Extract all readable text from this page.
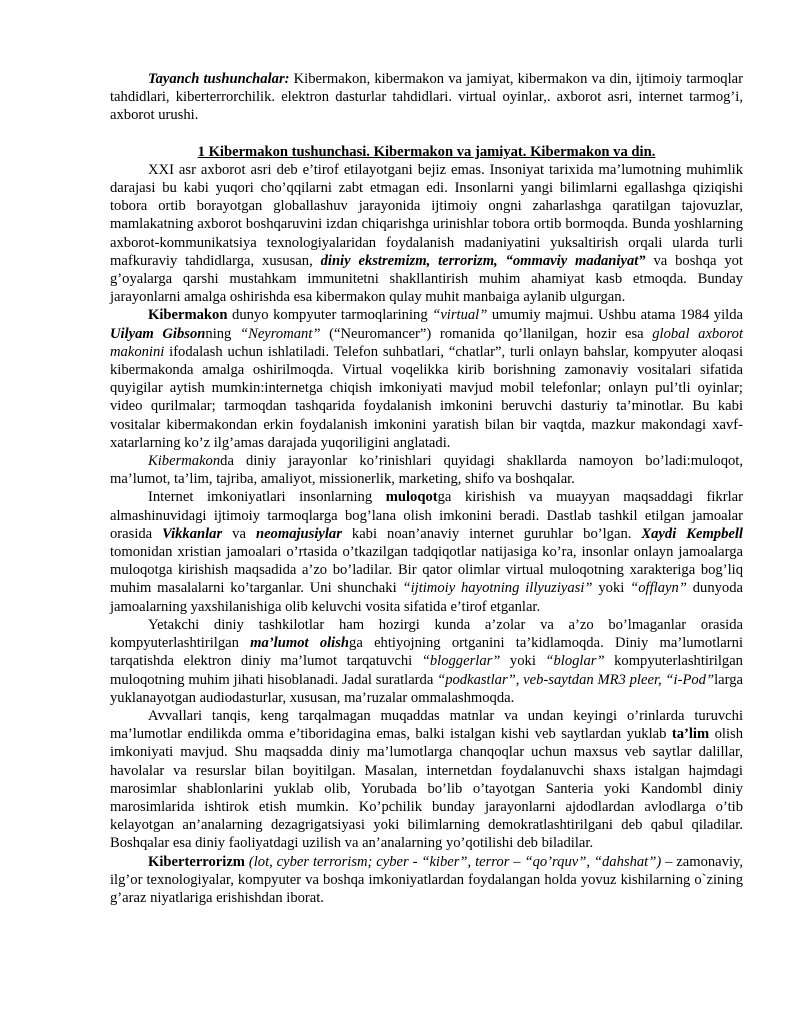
Tayanch tushunchalar: Kibermakon, kibermakon va jamiyat, kibermakon va din, ijtimoiy tarmoqlar tahdidlari, kiberterrorchilik. elektron dasturlar tahdidlari. virtual oyinlar,. axborot asri, internet tarmog’i, axborot urushi.

1 Kibermakon tushunchasi. Kibermakon va jamiyat. Kibermakon va din.

XXI asr axborot asri deb e’tirof etilayotgani bejiz emas. Insoniyat tarixida ma’lumotning muhimlik darajasi bu kabi yuqori cho’qqilarni zabt etmagan edi. Insonlarni yangi bilimlarni egallashga qiziqishi tobora ortib borayotgan globallashuv jarayonida ijtimoiy ongni zaharlashga qaratilgan tajovuzlar, mamlakatning axborot boshqaruvini izdan chiqarishga urinishlar tobora ortib bormoqda. Bunda yoshlarning axborot-kommunikatsiya texnologiyalaridan foydalanish madaniyatini yuksaltirish orqali ularda turli mafkuraviy tahdidlarga, xususan, diniy ekstremizm, terrorizm, “ommaviy madaniyat” va boshqa yot g’oyalarga qarshi mustahkam immunitetni shakllantirish muhim ahamiyat kasb etmoqda. Bunday jarayonlarni amalga oshirishda esa kibermakon qulay muhit manbaiga aylanib ulgurgan.

Kibermakon dunyo kompyuter tarmoqlarining “virtual” umumiy majmui. Ushbu atama 1984 yilda Uilyam Gibsonning “Neyromant” (“Neuromancer”) romanida qo’llanilgan, hozir esa global axborot makonini ifodalash uchun ishlatiladi. Telefon suhbatlari, “chatlar”, turli onlayn bahslar, kompyuter aloqasi kibermakonda amalga oshirilmoqda. Virtual voqelikka kirib borishning zamonaviy vositalari sifatida quyigilar aytish mumkin:internetga chiqish imkoniyati mavjud mobil telefonlar; onlayn pul’tli oyinlar; video qurilmalar; tarmoqdan tashqarida foydalanish imkonini beruvchi dasturiy ta’minotlar. Bu kabi vositalar kibermakondan erkin foydalanish imkonini yaratish bilan bir vaqtda, mazkur makondagi xavf-xatarlarning ko’z ilg’amas darajada yuqoriligini anglatadi.

Kibermakonda diniy jarayonlar ko’rinishlari quyidagi shakllarda namoyon bo’ladi:muloqot, ma’lumot, ta’lim, tajriba, amaliyot, missionerlik, marketing, shifo va boshqalar.

Internet imkoniyatlari insonlarning muloqotga kirishish va muayyan maqsaddagi fikrlar almashinuvidagi ijtimoiy tarmoqlarga bog’lana olish imkonini beradi. Dastlab tashkil etilgan jamoalar orasida Vikkanlar va neomajusiylar kabi noan’anaviy internet guruhlar bo’lgan. Xaydi Kempbell tomonidan xristian jamoalari o’rtasida o’tkazilgan tadqiqotlar natijasiga ko’ra, insonlar onlayn jamoalarga muloqotga kirishish maqsadida a’zo bo’ladilar. Bir qator olimlar virtual muloqotning xarakteriga bog’liq muhim masalalarni ko’targanlar. Uni shunchaki “ijtimoiy hayotning illyuziyasi” yoki “offlayn” dunyoda jamoalarning yaxshilanishiga olib keluvchi vosita sifatida e’tirof etganlar.

Yetakchi diniy tashkilotlar ham hozirgi kunda a’zolar va a’zo bo’lmaganlar orasida kompyuterlashtirilgan ma’lumot olishga ehtiyojning ortganini ta’kidlamoqda. Diniy ma’lumotlarni tarqatishda elektron diniy ma’lumot tarqatuvchi “bloggerlar” yoki “bloglar” kompyuterlashtirilgan muloqotning muhim jihati hisoblanadi. Jadal suratlarda “podkastlar”, veb-saytdan MR3 pleer, “i-Pod”larga yuklanayotgan audiodasturlar, xususan, ma’ruzalar ommalashmoqda.

Avvallari tanqis, keng tarqalmagan muqaddas matnlar va undan keyingi o’rinlarda turuvchi ma’lumotlar endilikda omma e’tiboridagina emas, balki istalgan kishi veb saytlardan yuklab ta’lim olish imkoniyati mavjud. Shu maqsadda diniy ma’lumotlarga chanqoqlar uchun maxsus veb saytlar dalillar, havolalar va resurslar bilan boyitilgan. Masalan, internetdan foydalanuvchi shaxs istalgan hajmdagi marosimlar shablonlarini yuklab olib, Yorubada bo’lib o’tayotgan Santeria yoki Kandombl diniy marosimlarida ishtirok etish mumkin. Ko’pchilik bunday jarayonlarni ajdodlardan avlodlarga o’tib kelayotgan an’analarning dezagrigatsiyasi yoki bilimlarning demokratlashtirilgani deb qabul qiladilar. Boshqalar esa diniy faoliyatdagi uzilish va an’analarning yo’qotilishi deb biladilar.

Kiberterrorizm (lot, cyber terrorism; cyber - “kiber”, terror – “qo’rquv”, “dahshat”) – zamonaviy, ilg’or texnologiyalar, kompyuter va boshqa imkoniyatlardan foydalangan holda yovuz kishilarning o`zining g’araz niyatlariga erishishdan iborat.
